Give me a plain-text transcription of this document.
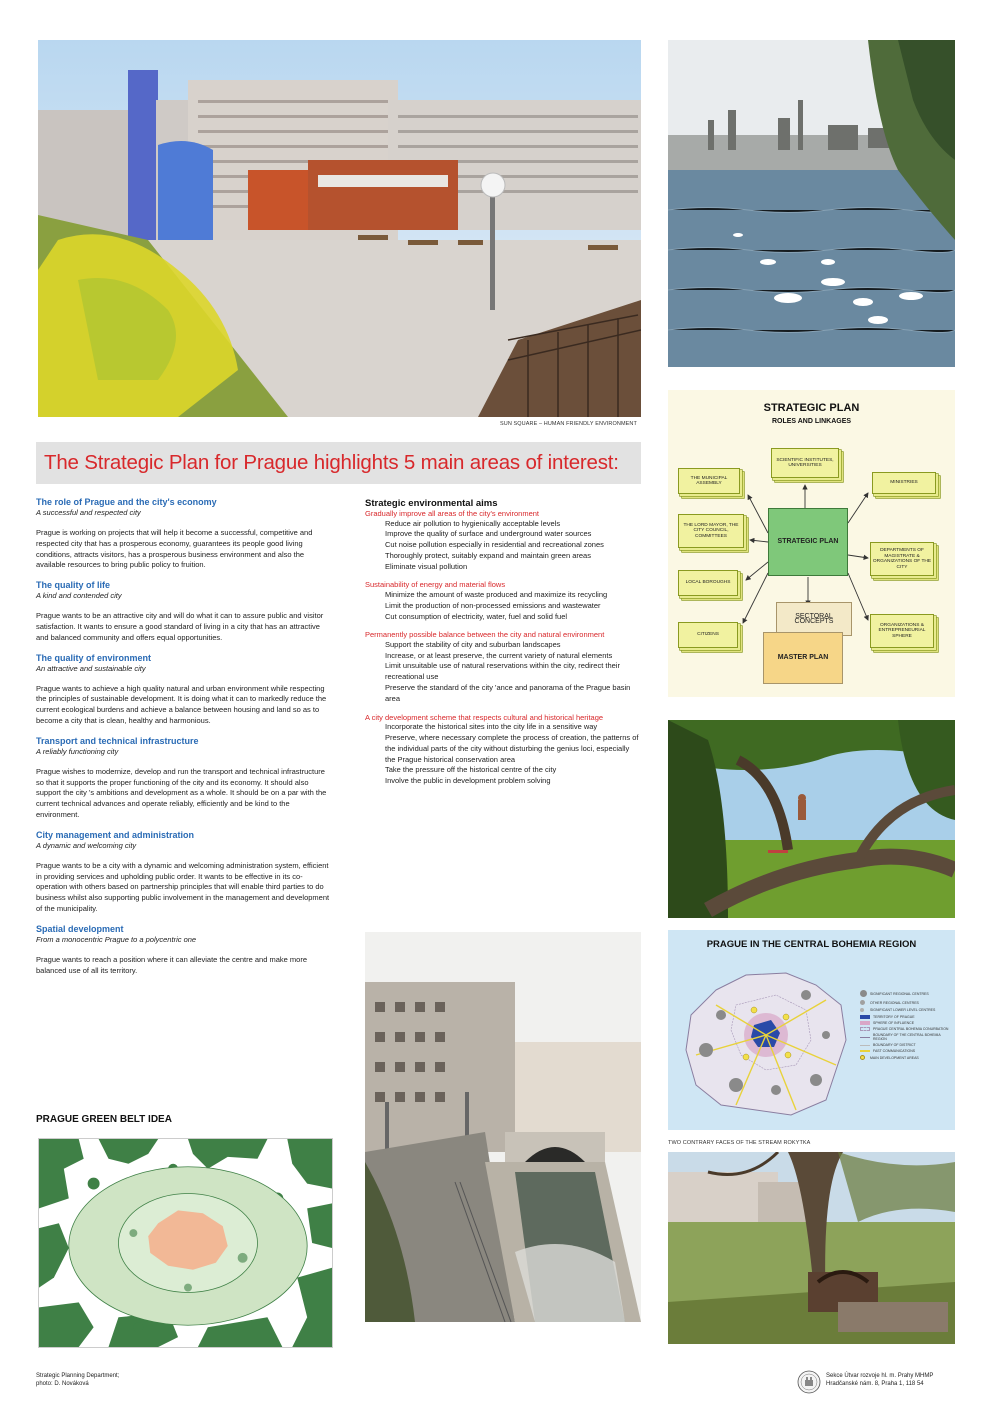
SUN SQUARE – HUMAN FRIENDLY ENVIRONMENT
The Strategic Plan for Prague highlights 5 main areas of interest:
The role of Prague and the city's economy
A successful and respected city

Prague is working on projects that will help it become a successful, competitive and respected city that has a prosperous economy, guarantees its people good living conditions, attracts visitors, has a prosperous business environment and also the available resources to bring public policy to fruition.

The quality of life
A kind and contended city

Prague wants to be an attractive city and will do what it can to assure public and visitor satisfaction. It wants to ensure a good standard of living in a city that has an attractive and balanced community and offers equal opportunities.

The quality of environment
An attractive and sustainable city

Prague wants to achieve a high quality natural and urban environment while respecting the principles of sustainable development. It is doing what it can to markedly reduce the current ecological burdens and achieve a balance between housing and land so as to become a city that is clean, healthy and harmonious.

Transport and technical infrastructure
A reliably functioning city

Prague wishes to modernize, develop and run the transport and technical infrastructure so that it supports the proper functioning of the city and its economy. It should also support the city 's ambitions and development as a whole. It should be on a par with the current technical advances and operate reliably, efficiently and be kind to the environment.

City management and administration
A dynamic and welcoming city

Prague wants to be a city with a dynamic and welcoming administration system, efficient in providing services and upholding public order. It wants to be effective in its co-operation with others based on partnership principles that will enable third parties to do business whilst also supporting public involvement in the management and development of the municipality.

Spatial development
From a monocentric Prague to a polycentric one

Prague wants to reach a position where it can alleviate the centre and make more balanced use of all its territory.

Strategic environmental aims
Gradually improve all areas of the city's environment
Reduce air pollution to hygienically acceptable levels
Improve the quality of surface and underground water sources
Cut noise pollution especially in residential and recreational zones
Thoroughly protect, suitably expand and maintain green areas
Eliminate visual pollution
Sustainability of energy and material flows
Minimize the amount of waste produced and maximize its recycling
Limit the production of non-processed emissions and wastewater
Cut consumption of electricity, water, fuel and solid fuel
Permanently possible balance between the city and natural environment
Support the stability of city and suburban landscapes
Increase, or at least preserve, the current variety of natural elements
Limit unsuitable use of natural reservations within the city, redirect their recreational use
Preserve the standard of the city 'ance and panorama of the Prague basin area
A city development scheme that respects cultural and historical heritage
Incorporate the historical sites into the city life in a sensitive way
Preserve, where necessary complete the process of creation, the patterns of the individual parts of the city without disturbing the genius loci, especially the Prague historical conservation area
Take the pressure off the historical centre of the city
Involve the public in development problem solving
STRATEGIC PLAN
ROLES AND LINKAGES
SCIENTIFIC INSTITUTES, UNIVERSITIES
THE MUNICIPAL ASSEMBLY	MINISTRIES
THE LORD MAYOR, THE CITY COUNCIL, COMMITTEES
STRATEGIC PLAN
DEPARTMENTS OF MAGISTRATE & ORGANIZATIONS OF THE CITY
LOCAL BOROUGHS
SECTORAL CONCEPTS
MASTER PLAN
CITIZENS
ORGANIZATIONS & ENTREPRENEURIAL SPHERE
PRAGUE IN THE CENTRAL BOHEMIA REGION
SIGNIFICANT REGIONAL CENTRES
OTHER REGIONAL CENTRES
SIGNIFICANT LOWER LEVEL CENTRES
TERRITORY OF PRAGUE
SPHERE OF INFLUENCE
PRAGUE CENTRAL BOHEMIA CONURBATION
BOUNDARY OF THE CENTRAL BOHEMIA REGION
BOUNDARY OF DISTRICT
FAST COMMUNICATIONS
MAIN DEVELOPMENT AREAS
TWO CONTRARY FACES OF THE STREAM ROKYTKA
PRAGUE GREEN BELT IDEA
Strategic Planning Department;
photo: D. Nováková
Sekce Útvar rozvoje hl. m. Prahy MHMP
Hradčanské nám. 8, Praha 1, 118 54
